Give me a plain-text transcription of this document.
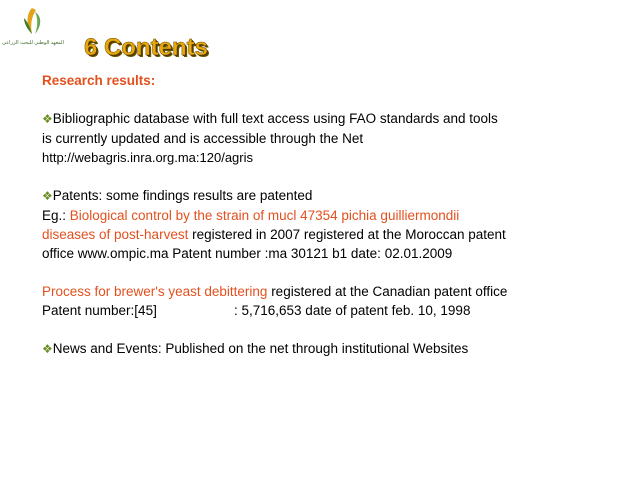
المعهد الوطني للبحث الزراعي 6 Contents

Research results:

❖Bibliographic database with full text access using FAO standards and tools

is currently updated and is accessible through the Net

http://webagris.inra.org.ma:120/agris

❖Patents: some findings results are patented

Eg.: Biological control by the strain of mucl 47354 pichia guilliermondii

diseases of post-harvest registered in 2007 registered at the Moroccan patent

office www.ompic.ma Patent number :ma 30121 b1 date: 02.01.2009

Process for brewer's yeast debittering registered at the Canadian patent office

Patent number:[45]	: 5,716,653 date of patent feb. 10, 1998

❖News and Events: Published on the net through institutional Websites
